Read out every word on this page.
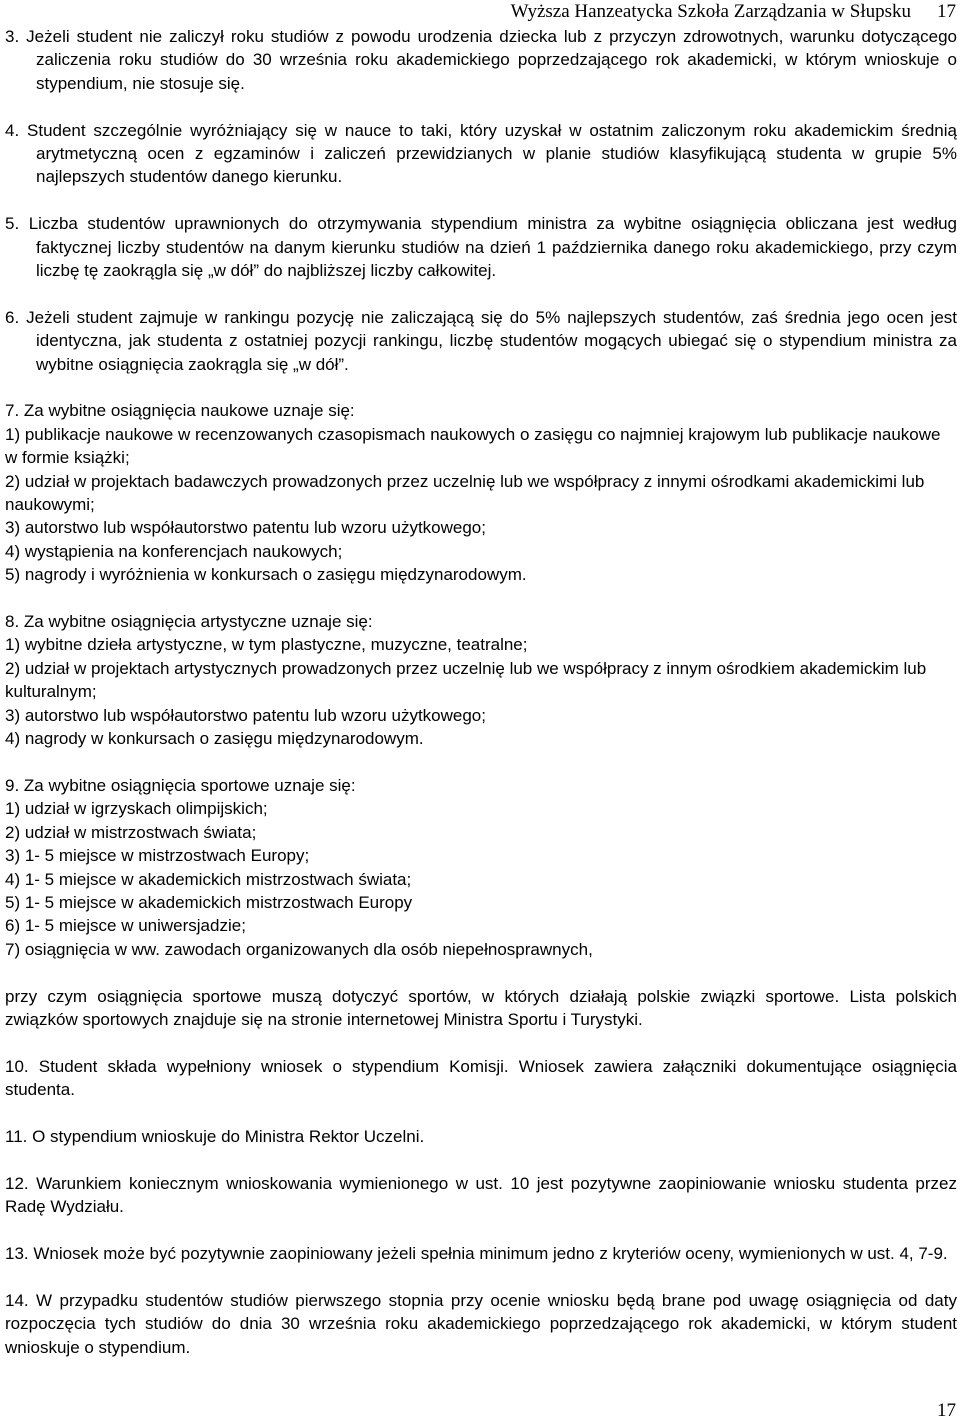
Wyższa Hanzeatycka Szkoła Zarządzania w Słupsku 17

3. Jeżeli student nie zaliczył roku studiów z powodu urodzenia dziecka lub z przyczyn zdrowotnych, warunku dotyczącego zaliczenia roku studiów do 30 września roku akademickiego poprzedzającego rok akademicki, w którym wnioskuje o stypendium, nie stosuje się.

4. Student szczególnie wyróżniający się w nauce to taki, który uzyskał w ostatnim zaliczonym roku akademickim średnią arytmetyczną ocen z egzaminów i zaliczeń przewidzianych w planie studiów klasyfikującą studenta w grupie 5% najlepszych studentów danego kierunku.

5. Liczba studentów uprawnionych do otrzymywania stypendium ministra za wybitne osiągnięcia obliczana jest według faktycznej liczby studentów na danym kierunku studiów na dzień 1 października danego roku akademickiego, przy czym liczbę tę zaokrągla się „w dół” do najbliższej liczby całkowitej.

6. Jeżeli student zajmuje w rankingu pozycję nie zaliczającą się do 5% najlepszych studentów, zaś średnia jego ocen jest identyczna, jak studenta z ostatniej pozycji rankingu, liczbę studentów mogących ubiegać się o stypendium ministra za wybitne osiągnięcia zaokrągla się „w dół”.

7. Za wybitne osiągnięcia naukowe uznaje się:

1) publikacje naukowe w recenzowanych czasopismach naukowych o zasięgu co najmniej krajowym lub publikacje naukowe w formie książki;

2) udział w projektach badawczych prowadzonych przez uczelnię lub we współpracy z innymi ośrodkami akademickimi lub naukowymi;

3) autorstwo lub współautorstwo patentu lub wzoru użytkowego;

4) wystąpienia na konferencjach naukowych;

5) nagrody i wyróżnienia w konkursach o zasięgu międzynarodowym.

8. Za wybitne osiągnięcia artystyczne uznaje się:

1) wybitne dzieła artystyczne, w tym plastyczne, muzyczne, teatralne;

2) udział w projektach artystycznych prowadzonych przez uczelnię lub we współpracy z innym ośrodkiem akademickim lub kulturalnym;

3) autorstwo lub współautorstwo patentu lub wzoru użytkowego;

4) nagrody w konkursach o zasięgu międzynarodowym.

9. Za wybitne osiągnięcia sportowe uznaje się:

1) udział w igrzyskach olimpijskich;

2) udział w mistrzostwach świata;

3) 1- 5 miejsce w mistrzostwach Europy;

4) 1- 5 miejsce w akademickich mistrzostwach świata;

5) 1- 5 miejsce w akademickich mistrzostwach Europy

6) 1- 5 miejsce w uniwersjadzie;

7) osiągnięcia w ww. zawodach organizowanych dla osób niepełnosprawnych,

przy czym osiągnięcia sportowe muszą dotyczyć sportów, w których działają polskie związki sportowe. Lista polskich związków sportowych znajduje się na stronie internetowej Ministra Sportu i Turystyki.

10. Student składa wypełniony wniosek o stypendium Komisji. Wniosek zawiera załączniki dokumentujące osiągnięcia studenta.

11. O stypendium wnioskuje do Ministra Rektor Uczelni.

12. Warunkiem koniecznym wnioskowania wymienionego w ust. 10 jest pozytywne zaopiniowanie wniosku studenta przez Radę Wydziału.

13. Wniosek może być pozytywnie zaopiniowany jeżeli spełnia minimum jedno z kryteriów oceny, wymienionych w ust. 4, 7-9.

14. W przypadku studentów studiów pierwszego stopnia przy ocenie wniosku będą brane pod uwagę osiągnięcia od daty rozpoczęcia tych studiów do dnia 30 września roku akademickiego poprzedzającego rok akademicki, w którym student wnioskuje o stypendium.

17
